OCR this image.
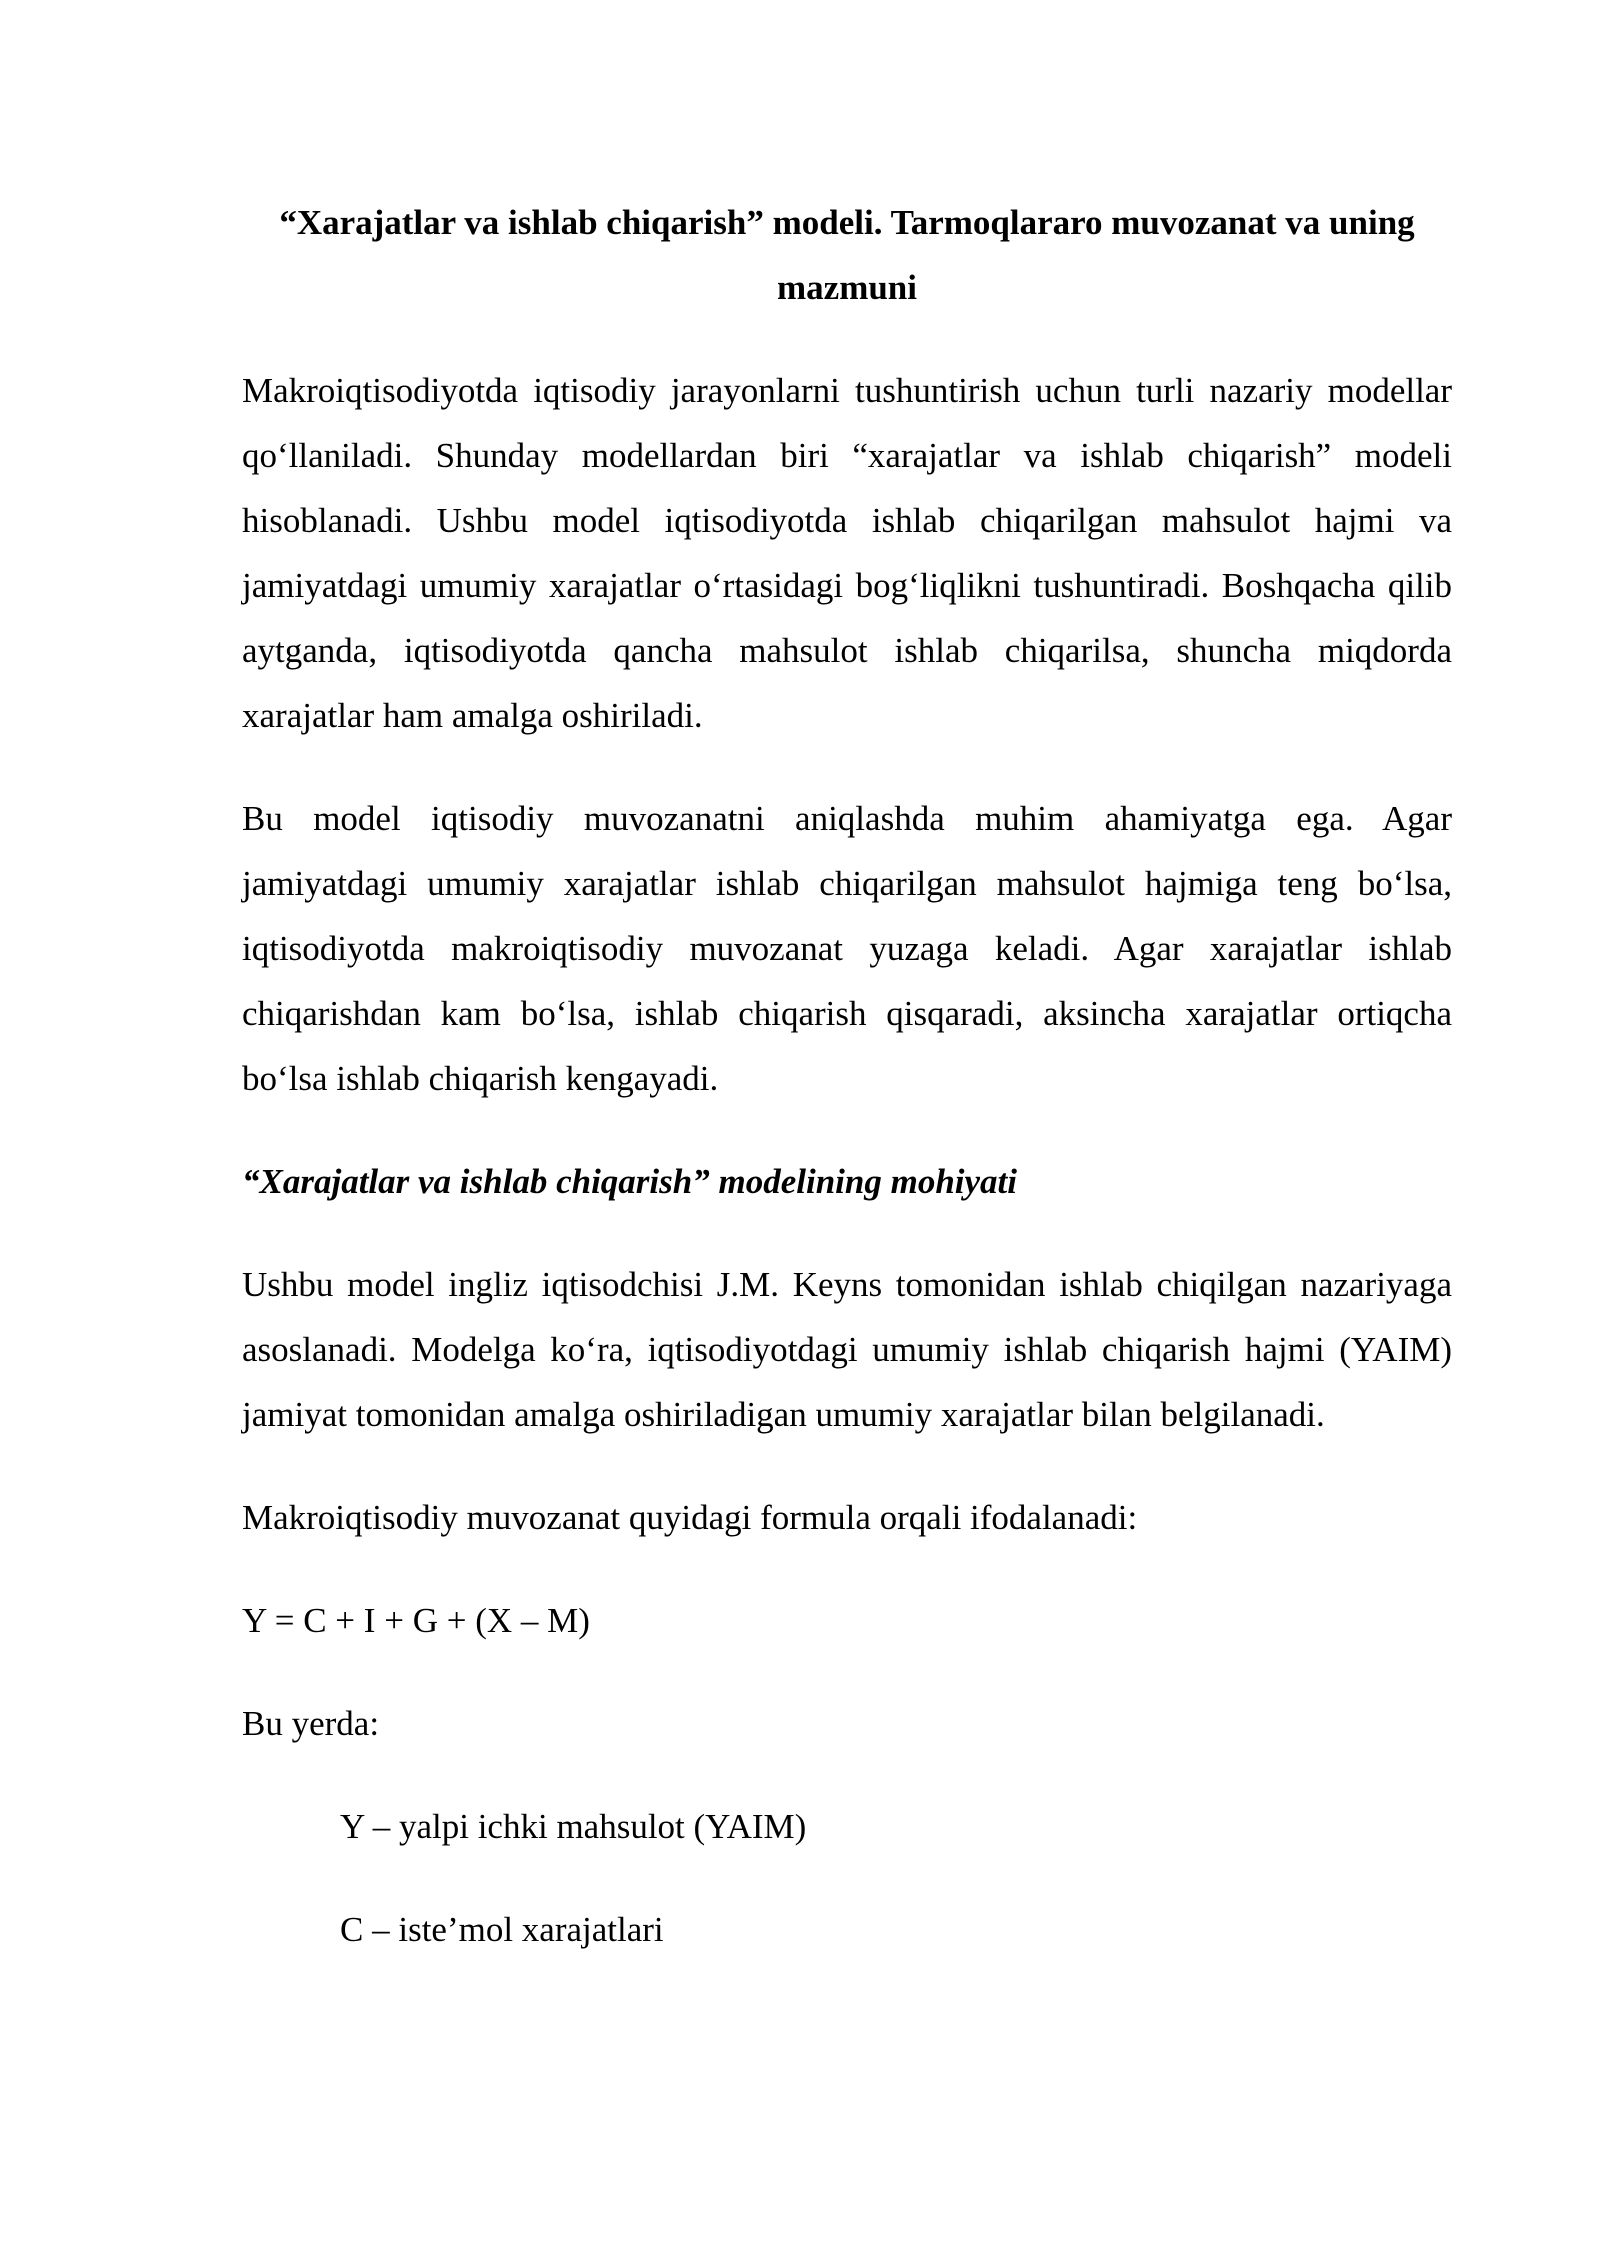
“Xarajatlar va ishlab chiqarish” modeli. Tarmoqlararo muvozanat va uning mazmuni

Makroiqtisodiyotda iqtisodiy jarayonlarni tushuntirish uchun turli nazariy modellar qo‘llaniladi. Shunday modellardan biri “xarajatlar va ishlab chiqarish” modeli hisoblanadi. Ushbu model iqtisodiyotda ishlab chiqarilgan mahsulot hajmi va jamiyatdagi umumiy xarajatlar o‘rtasidagi bog‘liqlikni tushuntiradi. Boshqacha qilib aytganda, iqtisodiyotda qancha mahsulot ishlab chiqarilsa, shuncha miqdorda xarajatlar ham amalga oshiriladi.

Bu model iqtisodiy muvozanatni aniqlashda muhim ahamiyatga ega. Agar jamiyatdagi umumiy xarajatlar ishlab chiqarilgan mahsulot hajmiga teng bo‘lsa, iqtisodiyotda makroiqtisodiy muvozanat yuzaga keladi. Agar xarajatlar ishlab chiqarishdan kam bo‘lsa, ishlab chiqarish qisqaradi, aksincha xarajatlar ortiqcha bo‘lsa ishlab chiqarish kengayadi.

“Xarajatlar va ishlab chiqarish” modelining mohiyati

Ushbu model ingliz iqtisodchisi J.M. Keyns tomonidan ishlab chiqilgan nazariyaga asoslanadi. Modelga ko‘ra, iqtisodiyotdagi umumiy ishlab chiqarish hajmi (YAIM) jamiyat tomonidan amalga oshiriladigan umumiy xarajatlar bilan belgilanadi.

Makroiqtisodiy muvozanat quyidagi formula orqali ifodalanadi:

Y = C + I + G + (X – M)

Bu yerda:

Y – yalpi ichki mahsulot (YAIM)

C – iste’mol xarajatlari
